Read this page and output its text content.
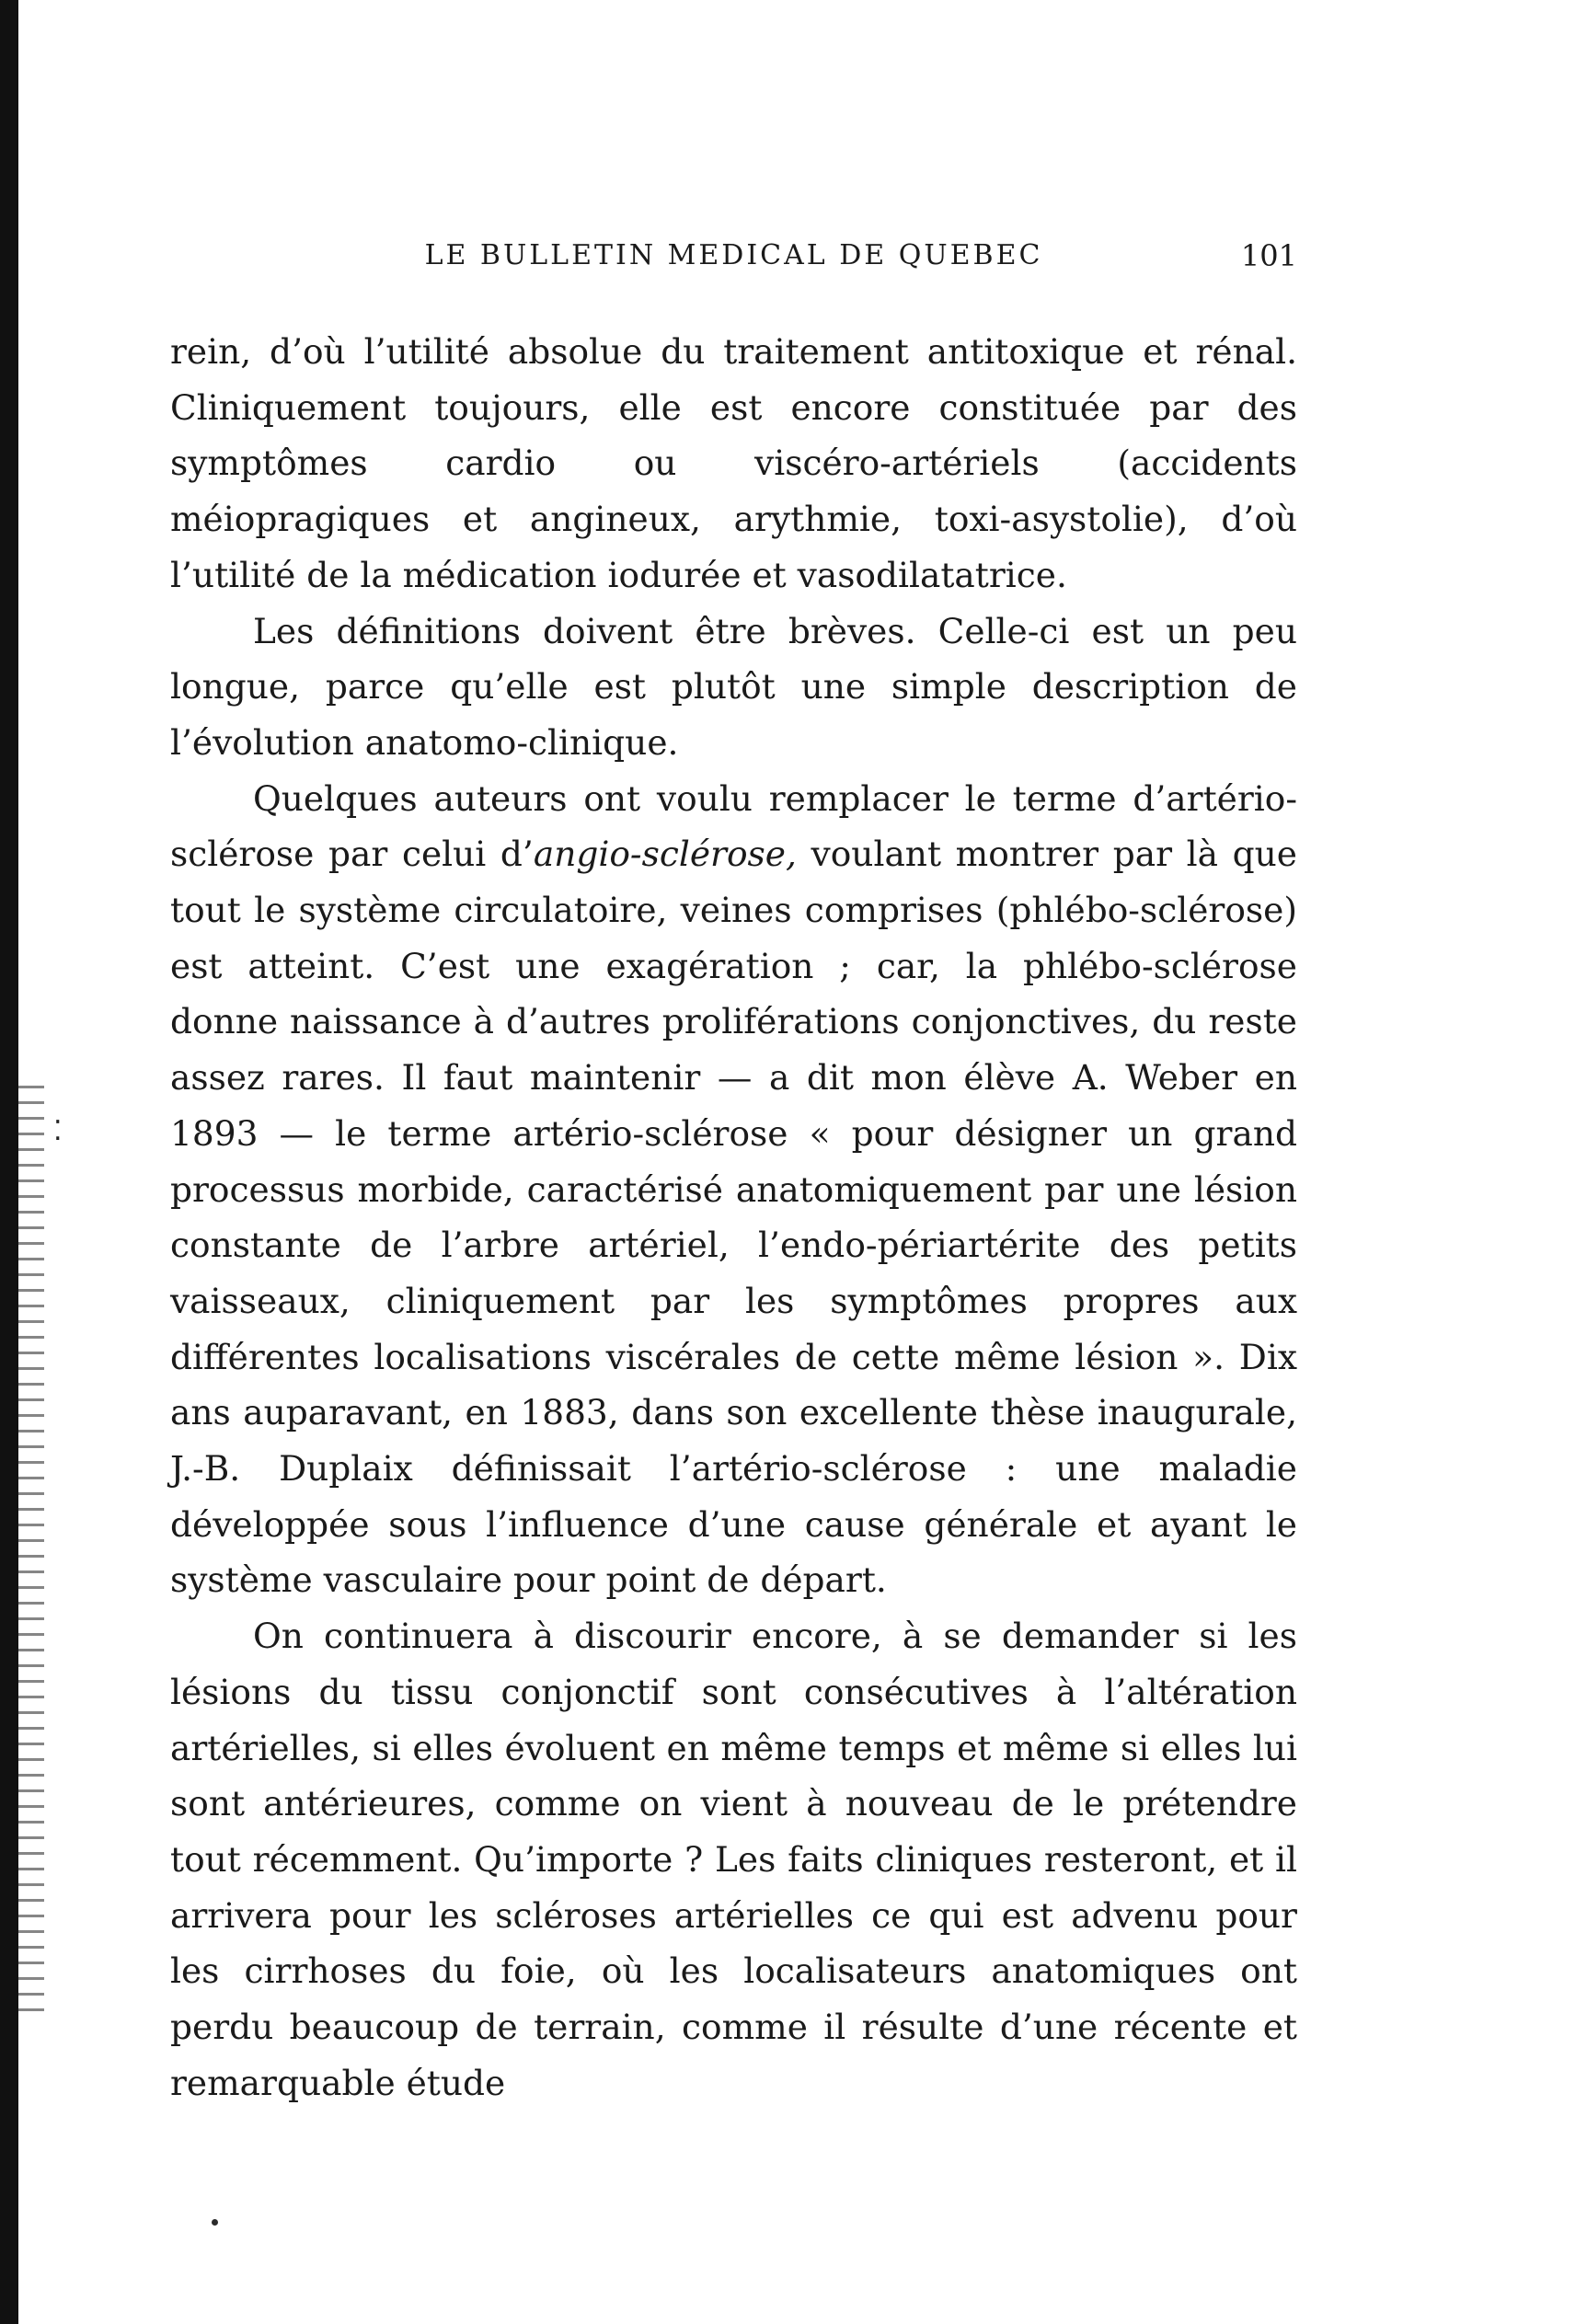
⁚
LE BULLETIN MEDICAL DE QUEBEC	101

rein, d’où l’utilité absolue du traitement antitoxique et rénal. Cliniquement toujours, elle est encore constituée par des symptômes cardio ou viscéro-artériels (accidents méiopragiques et angineux, arythmie, toxi-asystolie), d’où l’utilité de la médication iodurée et vasodilatatrice.

Les définitions doivent être brèves. Celle-ci est un peu longue, parce qu’elle est plutôt une simple description de l’évolution anatomo-clinique.

Quelques auteurs ont voulu remplacer le terme d’artério-sclérose par celui d’angio-sclérose, voulant montrer par là que tout le système circulatoire, veines comprises (phlébo-sclérose) est atteint. C’est une exagération ; car, la phlébo-sclérose donne naissance à d’autres proliférations conjonctives, du reste assez rares. Il faut maintenir — a dit mon élève A. Weber en 1893 — le terme artério-sclérose « pour désigner un grand processus morbide, caractérisé anatomiquement par une lésion constante de l’arbre artériel, l’endo-périartérite des petits vaisseaux, cliniquement par les symptômes propres aux différentes localisations viscérales de cette même lésion ». Dix ans auparavant, en 1883, dans son excellente thèse inaugurale, J.-B. Duplaix définissait l’artério-sclérose : une maladie développée sous l’influence d’une cause générale et ayant le système vasculaire pour point de départ.

On continuera à discourir encore, à se demander si les lésions du tissu conjonctif sont consécutives à l’altération artérielles, si elles évoluent en même temps et même si elles lui sont antérieures, comme on vient à nouveau de le prétendre tout récemment. Qu’importe ? Les faits cliniques resteront, et il arrivera pour les scléroses artérielles ce qui est advenu pour les cirrhoses du foie, où les localisateurs anatomiques ont perdu beaucoup de terrain, comme il résulte d’une récente et remarquable étude
